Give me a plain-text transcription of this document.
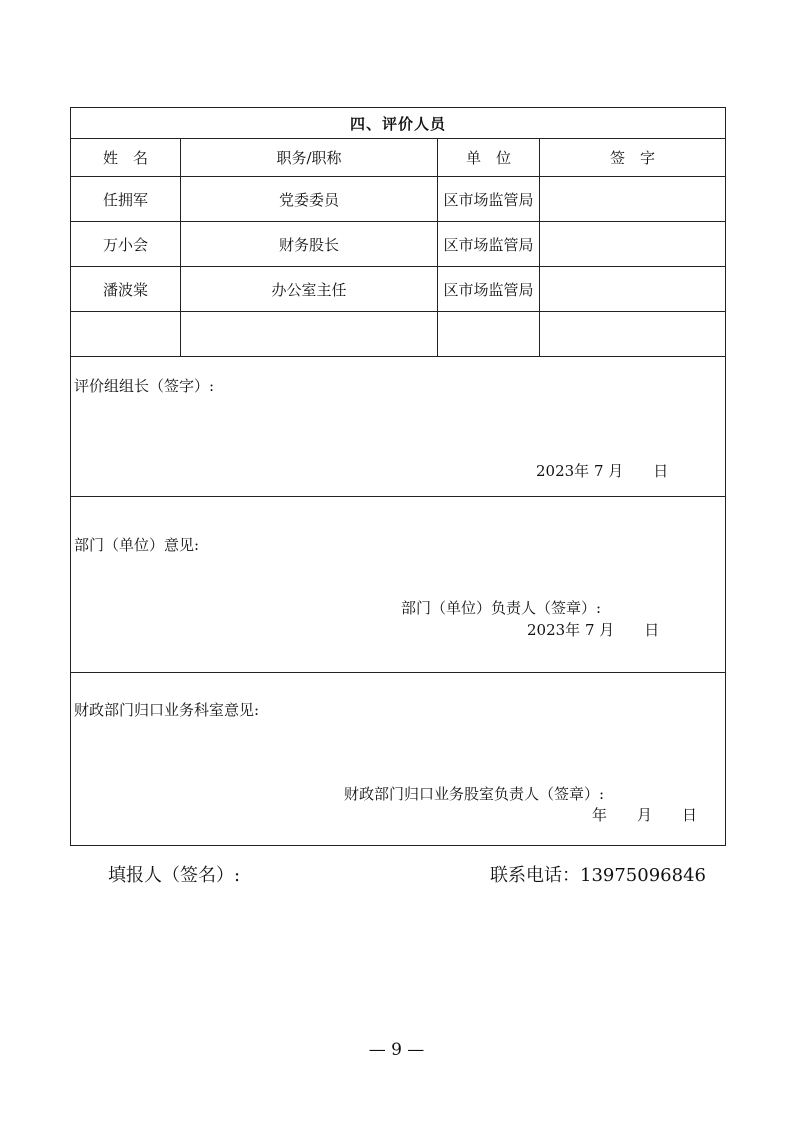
四、评价人员			
姓　名	职务/职称	单　位	签　字
任拥军	党委委员	区市场监管局	
万小会	财务股长	区市场监管局	
潘波棠	办公室主任	区市场监管局	

评价组组长（签字）:
2023年 7 月　　日			

部门（单位）意见:
部门（单位）负责人（签章）:
2023年 7 月　　日			

财政部门归口业务科室意见:
财政部门归口业务股室负责人（签章）:
年　　月　　日			
填报人（签名）:	联系电话：13975096846
— 9 —
